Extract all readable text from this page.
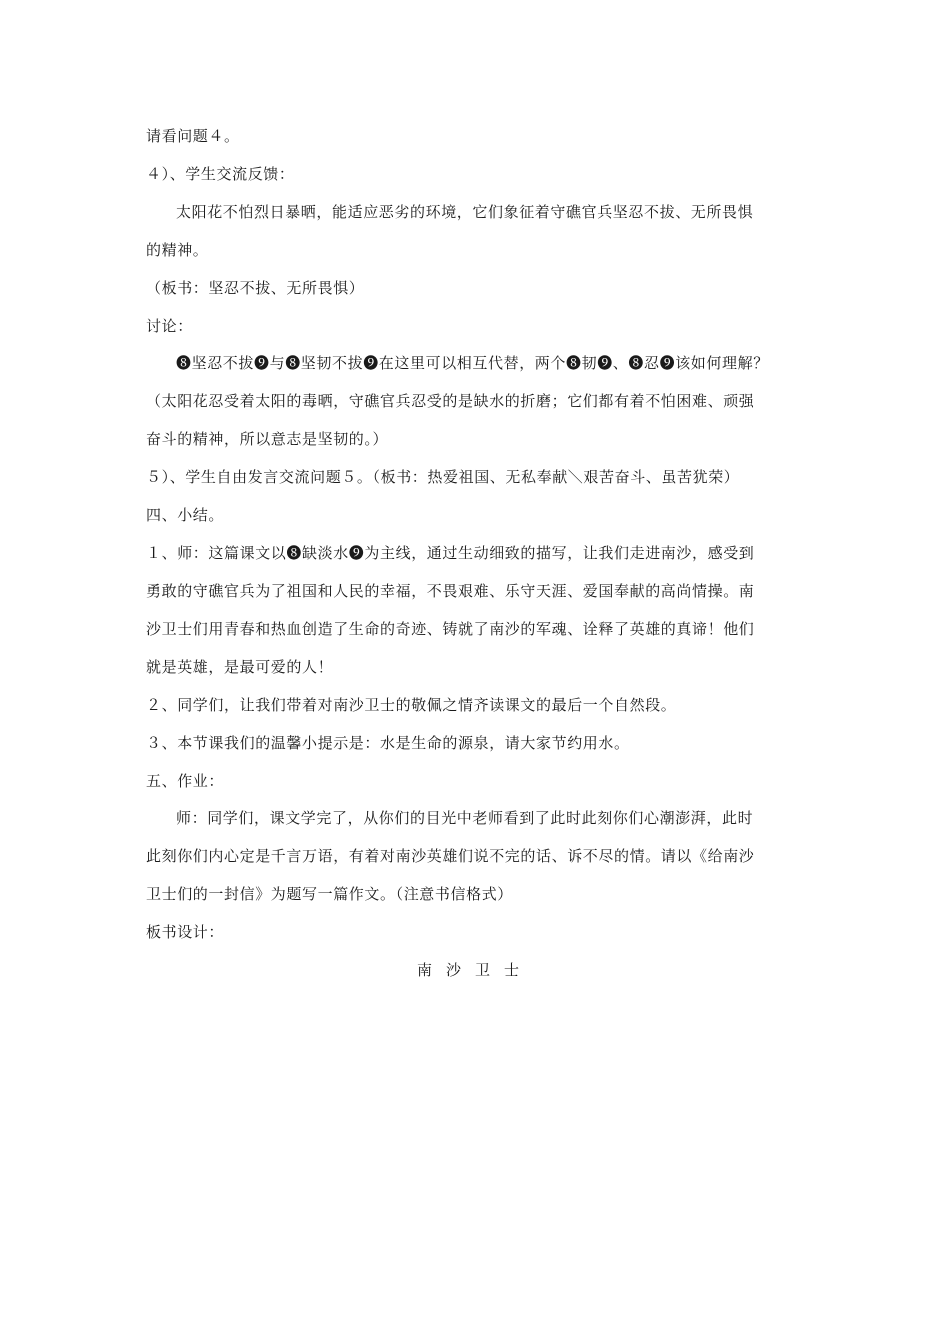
请看问题４。
４）、学生交流反馈：
太阳花不怕烈日暴晒，能适应恶劣的环境，它们象征着守礁官兵坚忍不拔、无所畏惧
的精神。
（板书：坚忍不拔、无所畏惧）
讨论：
❽坚忍不拔❾与❽坚韧不拔❾在这里可以相互代替，两个❽韧❾、❽忍❾该如何理解？
（太阳花忍受着太阳的毒晒，守礁官兵忍受的是缺水的折磨；它们都有着不怕困难、顽强
奋斗的精神，所以意志是坚韧的。）
５）、学生自由发言交流问题５。（板书：热爱祖国、无私奉献＼艰苦奋斗、虽苦犹荣）
四、小结。
１、师：这篇课文以❽缺淡水❾为主线，通过生动细致的描写，让我们走进南沙，感受到
勇敢的守礁官兵为了祖国和人民的幸福，不畏艰难、乐守天涯、爱国奉献的高尚情操。南
沙卫士们用青春和热血创造了生命的奇迹、铸就了南沙的军魂、诠释了英雄的真谛！他们
就是英雄，是最可爱的人！
２、同学们，让我们带着对南沙卫士的敬佩之情齐读课文的最后一个自然段。
３、本节课我们的温馨小提示是：水是生命的源泉，请大家节约用水。
五、作业：
师：同学们，课文学完了，从你们的目光中老师看到了此时此刻你们心潮澎湃，此时
此刻你们内心定是千言万语，有着对南沙英雄们说不完的话、诉不尽的情。请以《给南沙
卫士们的一封信》为题写一篇作文。（注意书信格式）
板书设计：
南沙卫士
